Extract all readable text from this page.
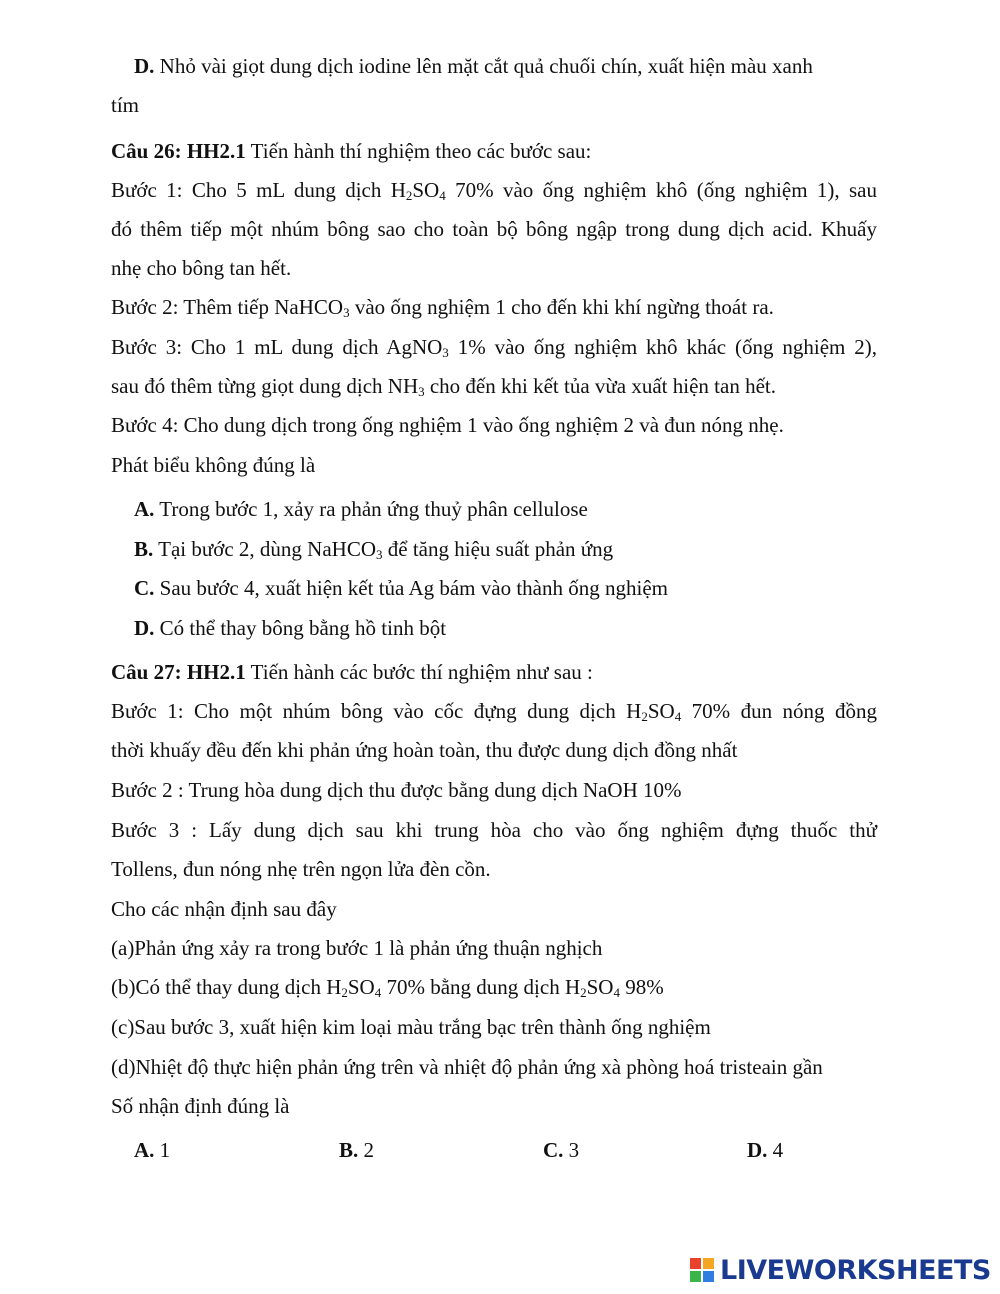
D. Nhỏ vài giọt dung dịch iodine lên mặt cắt quả chuối chín, xuất hiện màu xanh
tím
Câu 26: HH2.1 Tiến hành thí nghiệm theo các bước sau:
Bước 1: Cho 5 mL dung dịch $H_2SO_4$ 70% vào ống nghiệm khô (ống nghiệm 1), sau
đó thêm tiếp một nhúm bông sao cho toàn bộ bông ngập trong dung dịch acid. Khuấy
nhẹ cho bông tan hết.
Bước 2: Thêm tiếp NaHCO$_3$ vào ống nghiệm 1 cho đến khi khí ngừng thoát ra.
Bước 3: Cho 1 mL dung dịch AgNO$_3$ 1% vào ống nghiệm khô khác (ống nghiệm 2),
sau đó thêm từng giọt dung dịch $NH_3$ cho đến khi kết tủa vừa xuất hiện tan hết.
Bước 4: Cho dung dịch trong ống nghiệm 1 vào ống nghiệm 2 và đun nóng nhẹ.
Phát biểu không đúng là
A. Trong bước 1, xảy ra phản ứng thuỷ phân cellulose
B. Tại bước 2, dùng NaHCO$_3$ để tăng hiệu suất phản ứng
C. Sau bước 4, xuất hiện kết tủa Ag bám vào thành ống nghiệm
D. Có thể thay bông bằng hồ tinh bột
Câu 27: HH2.1 Tiến hành các bước thí nghiệm như sau :
Bước 1: Cho một nhúm bông vào cốc đựng dung dịch $H_2SO_4$ 70% đun nóng đồng
thời khuấy đều đến khi phản ứng hoàn toàn, thu được dung dịch đồng nhất
Bước 2 : Trung hòa dung dịch thu được bằng dung dịch NaOH 10%
Bước 3 : Lấy dung dịch sau khi trung hòa cho vào ống nghiệm đựng thuốc thử
Tollens, đun nóng nhẹ trên ngọn lửa đèn cồn.
Cho các nhận định sau đây
(a)Phản ứng xảy ra trong bước 1 là phản ứng thuận nghịch
(b)Có thể thay dung dịch $H_2SO_4$ 70% bằng dung dịch $H_2SO_4$ 98%
(c)Sau bước 3, xuất hiện kim loại màu trắng bạc trên thành ống nghiệm
(d)Nhiệt độ thực hiện phản ứng trên và nhiệt độ phản ứng xà phòng hoá tristeain gần
Số nhận định đúng là
A. 1	B. 2	C. 3	D. 4
LIVEWORKSHEETS
